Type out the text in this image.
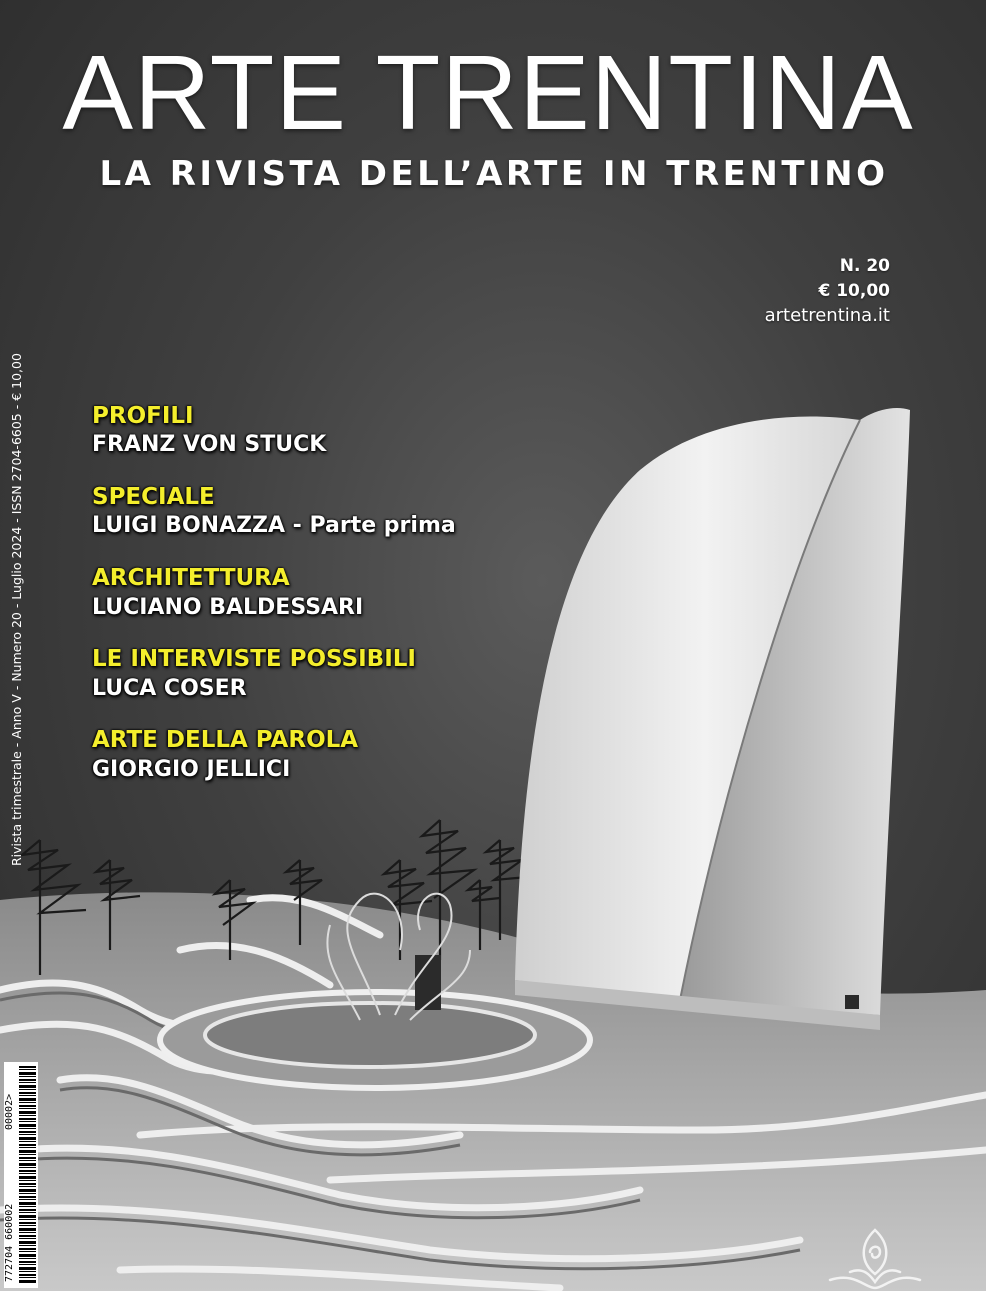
ARTE TRENTINA
LA RIVISTA DELL’ARTE IN TRENTINO
N. 20
€ 10,00
artetrentina.it
Rivista trimestrale - Anno V - Numero 20 - Luglio 2024 - ISSN 2704-6605 - € 10,00	PROFILI
FRANZ VON STUCK
SPECIALE
LUIGI BONAZZA - Parte prima
ARCHITETTURA
LUCIANO BALDESSARI
LE INTERVISTE POSSIBILI
LUCA COSER
ARTE DELLA PAROLA
GIORGIO JELLICI
00002>
772704 660002
